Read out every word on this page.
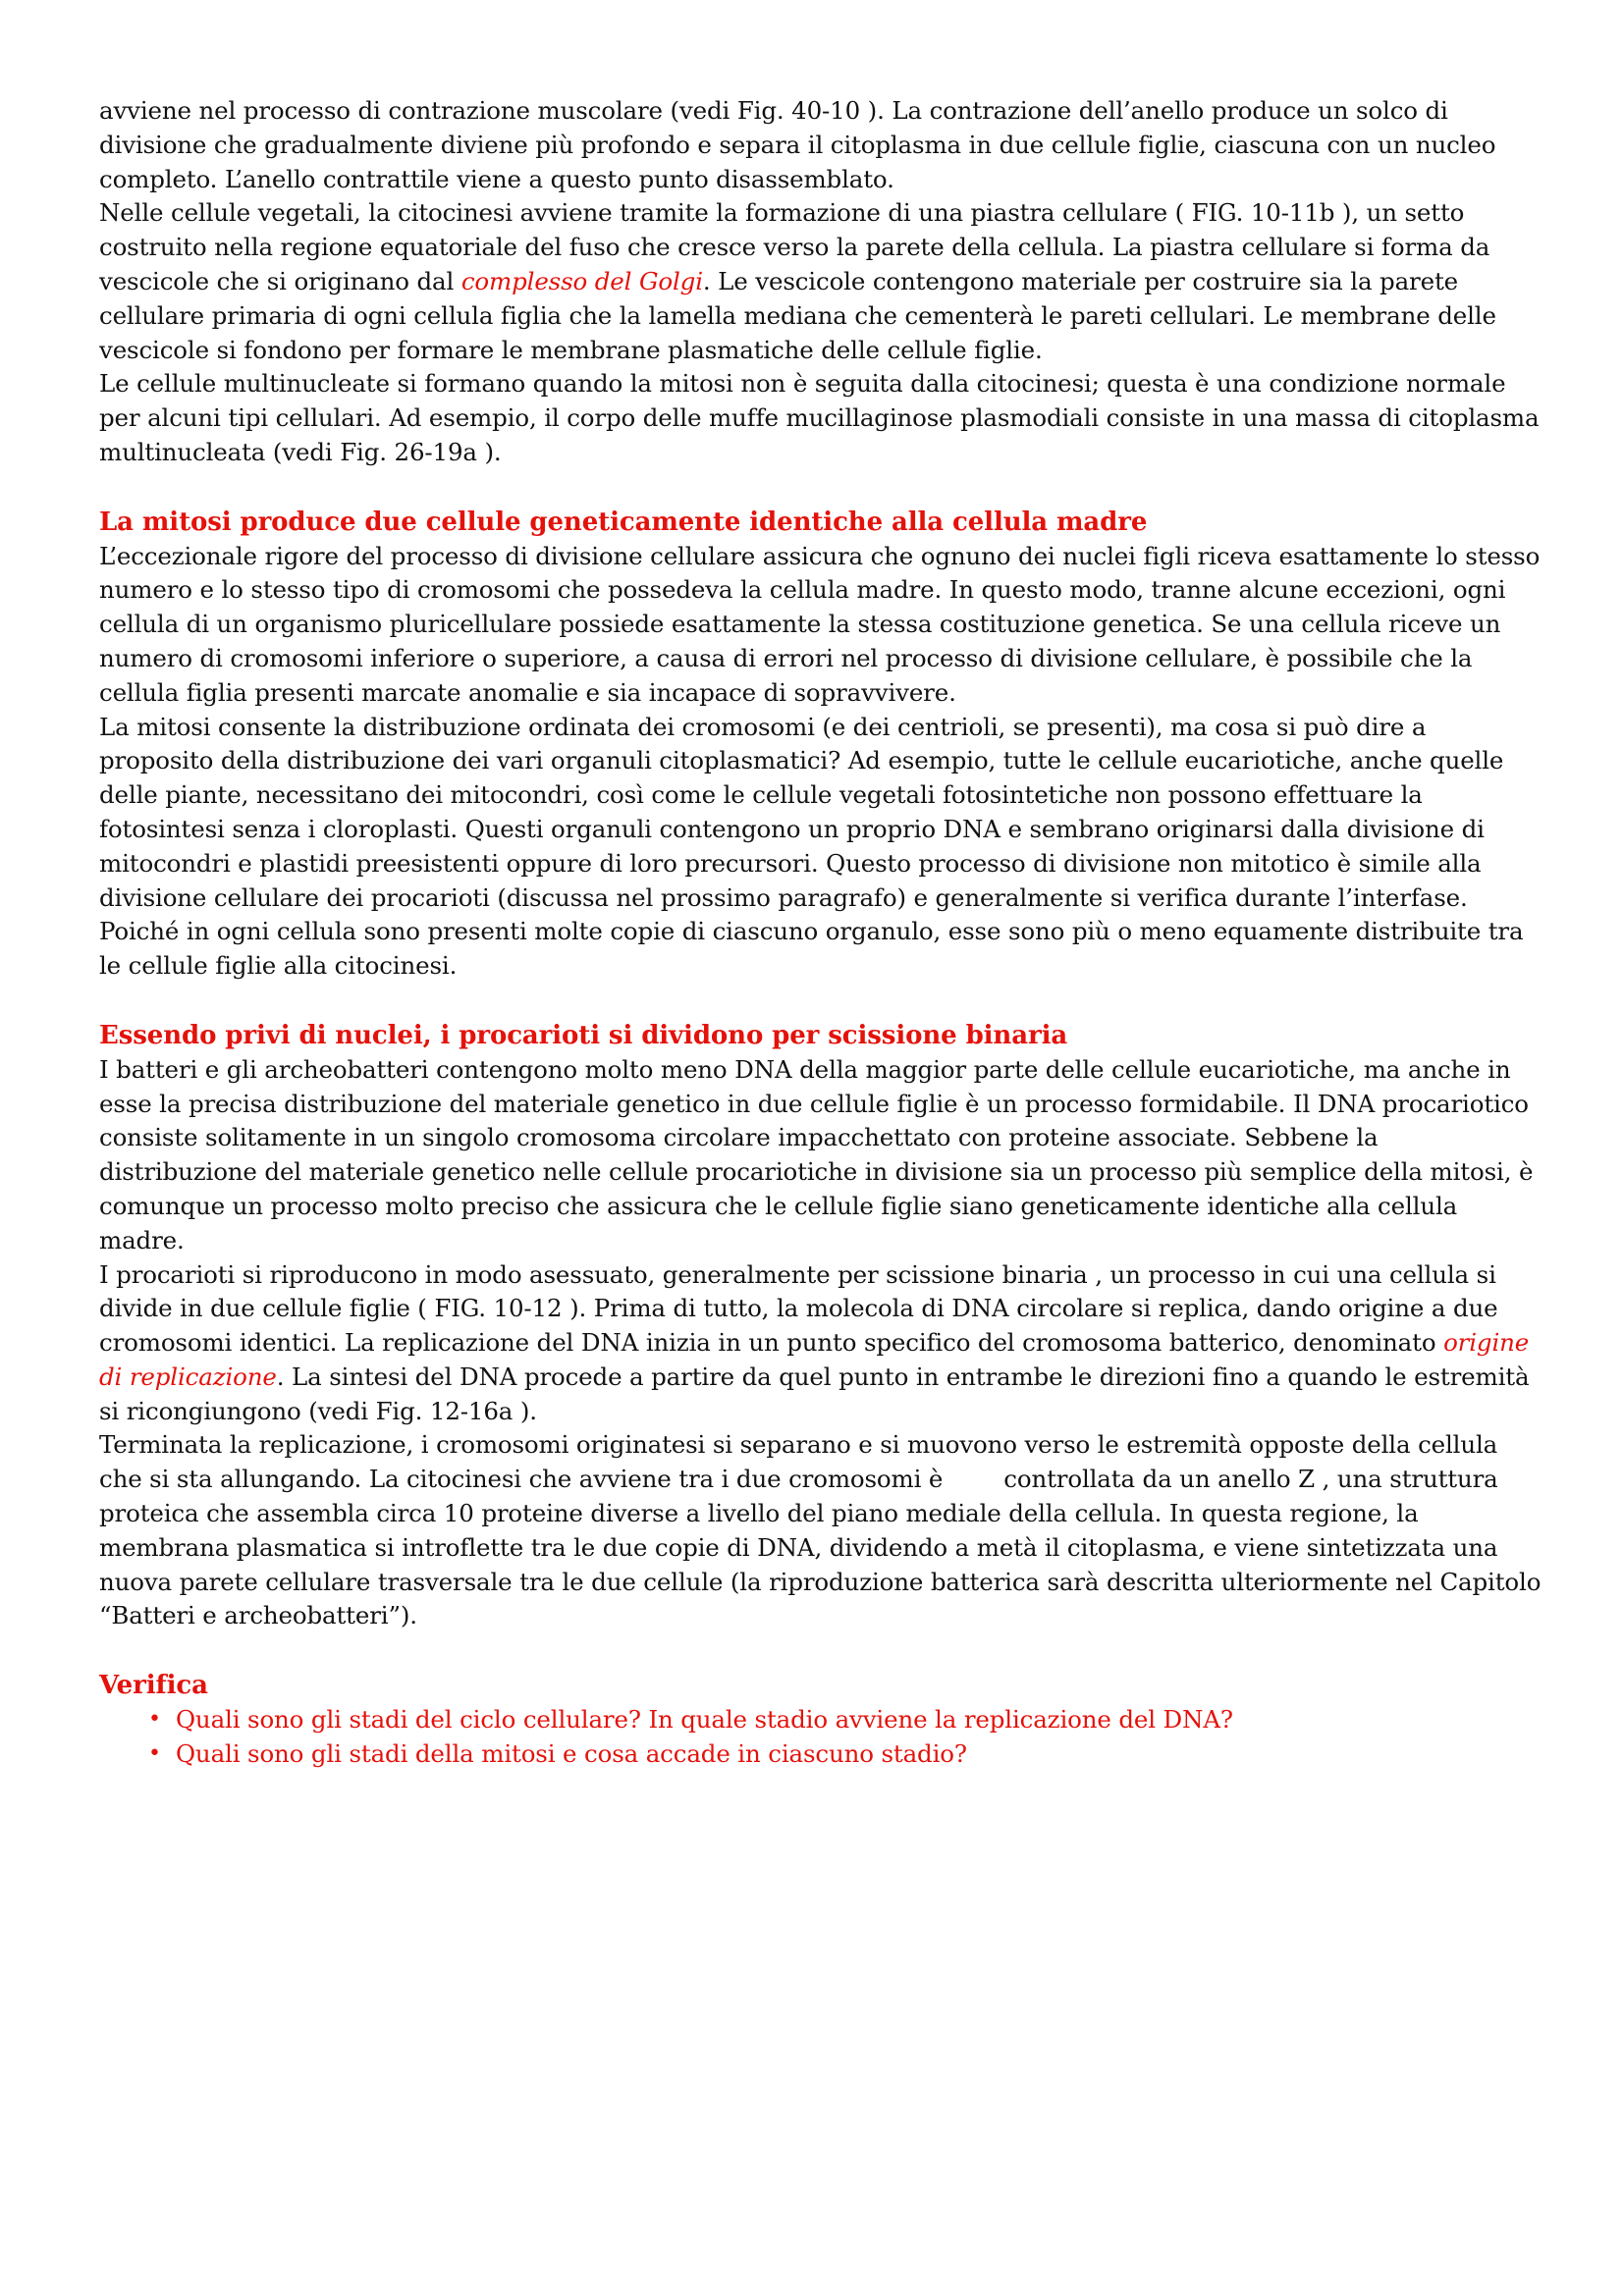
avviene nel processo di contrazione muscolare (vedi Fig. 40-10 ). La contrazione dell’anello produce un solco di divisione che gradualmente diviene più profondo e separa il citoplasma in due cellule figlie, ciascuna con un nucleo completo. L’anello contrattile viene a questo punto disassemblato.

Nelle cellule vegetali, la citocinesi avviene tramite la formazione di una piastra cellulare ( FIG. 10-11b ), un setto costruito nella regione equatoriale del fuso che cresce verso la parete della cellula. La piastra cellulare si forma da vescicole che si originano dal complesso del Golgi. Le vescicole contengono materiale per costruire sia la parete cellulare primaria di ogni cellula figlia che la lamella mediana che cementerà le pareti cellulari. Le membrane delle vescicole si fondono per formare le membrane plasmatiche delle cellule figlie.

Le cellule multinucleate si formano quando la mitosi non è seguita dalla citocinesi; questa è una condizione normale per alcuni tipi cellulari. Ad esempio, il corpo delle muffe mucillaginose plasmodiali consiste in una massa di citoplasma multinucleata (vedi Fig. 26-19a ).

La mitosi produce due cellule geneticamente identiche alla cellula madre

L’eccezionale rigore del processo di divisione cellulare assicura che ognuno dei nuclei figli riceva esattamente lo stesso numero e lo stesso tipo di cromosomi che possedeva la cellula madre. In questo modo, tranne alcune eccezioni, ogni cellula di un organismo pluricellulare possiede esattamente la stessa costituzione genetica. Se una cellula riceve un numero di cromosomi inferiore o superiore, a causa di errori nel processo di divisione cellulare, è possibile che la cellula figlia presenti marcate anomalie e sia incapace di sopravvivere.

La mitosi consente la distribuzione ordinata dei cromosomi (e dei centrioli, se presenti), ma cosa si può dire a proposito della distribuzione dei vari organuli citoplasmatici? Ad esempio, tutte le cellule eucariotiche, anche quelle delle piante, necessitano dei mitocondri, così come le cellule vegetali fotosintetiche non possono effettuare la fotosintesi senza i cloroplasti. Questi organuli contengono un proprio DNA e sembrano originarsi dalla divisione di mitocondri e plastidi preesistenti oppure di loro precursori. Questo processo di divisione non mitotico è simile alla divisione cellulare dei procarioti (discussa nel prossimo paragrafo) e generalmente si verifica durante l’interfase. Poiché in ogni cellula sono presenti molte copie di ciascuno organulo, esse sono più o meno equamente distribuite tra le cellule figlie alla citocinesi.

Essendo privi di nuclei, i procarioti si dividono per scissione binaria

I batteri e gli archeobatteri contengono molto meno DNA della maggior parte delle cellule eucariotiche, ma anche in esse la precisa distribuzione del materiale genetico in due cellule figlie è un processo formidabile. Il DNA procariotico consiste solitamente in un singolo cromosoma circolare impacchettato con proteine associate. Sebbene la distribuzione del materiale genetico nelle cellule procariotiche in divisione sia un processo più semplice della mitosi, è comunque un processo molto preciso che assicura che le cellule figlie siano geneticamente identiche alla cellula madre.

I procarioti si riproducono in modo asessuato, generalmente per scissione binaria , un processo in cui una cellula si divide in due cellule figlie ( FIG. 10-12 ). Prima di tutto, la molecola di DNA circolare si replica, dando origine a due cromosomi identici. La replicazione del DNA inizia in un punto specifico del cromosoma batterico, denominato origine di replicazione. La sintesi del DNA procede a partire da quel punto in entrambe le direzioni fino a quando le estremità si ricongiungono (vedi Fig. 12-16a ).

Terminata la replicazione, i cromosomi originatesi si separano e si muovono verso le estremità opposte della cellula che si sta allungando. La citocinesi che avviene tra i due cromosomi è	controllata da un anello Z , una struttura proteica che assembla circa 10 proteine diverse a livello del piano mediale della cellula. In questa regione, la membrana plasmatica si introflette tra le due copie di DNA, dividendo a metà il citoplasma, e viene sintetizzata una nuova parete cellulare trasversale tra le due cellule (la riproduzione batterica sarà descritta ulteriormente nel Capitolo “Batteri e archeobatteri”).

Verifica
• Quali sono gli stadi del ciclo cellulare? In quale stadio avviene la replicazione del DNA?
• Quali sono gli stadi della mitosi e cosa accade in ciascuno stadio?
